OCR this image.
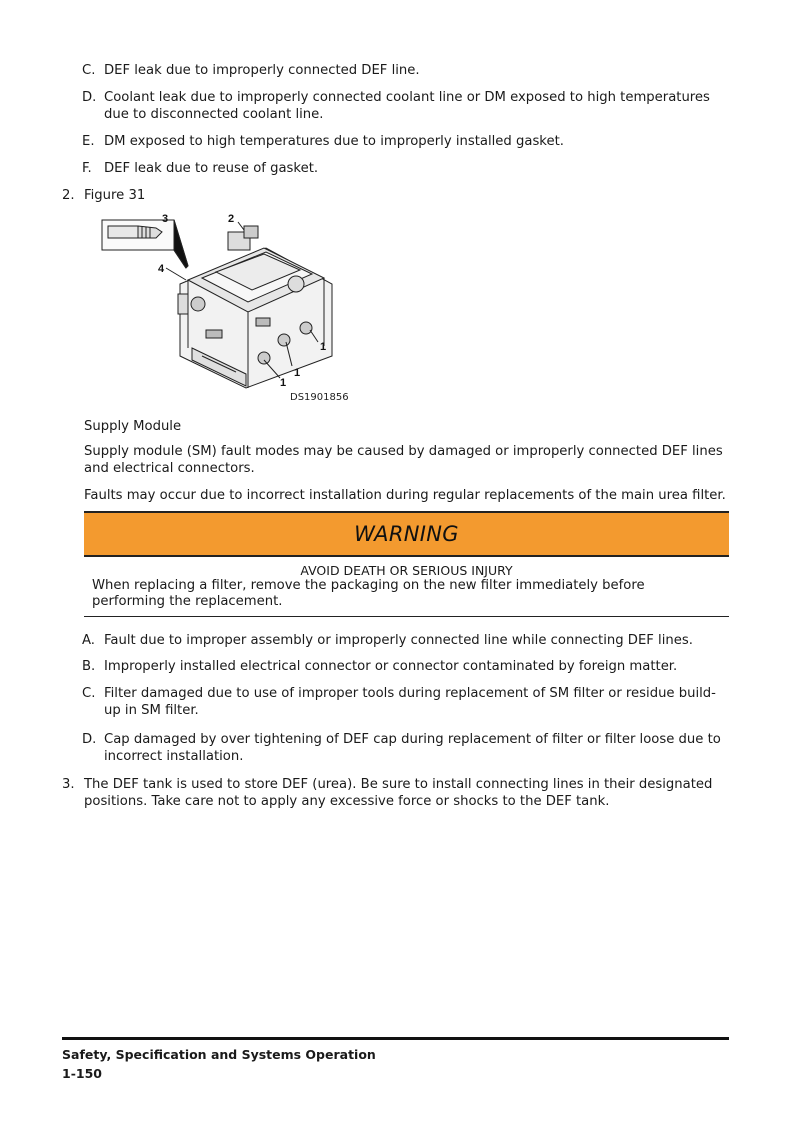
C. DEF leak due to improperly connected DEF line.
D. Coolant leak due to improperly connected coolant line or DM exposed to high temperatures due to disconnected coolant line.
E. DM exposed to high temperatures due to improperly installed gasket.
F. DEF leak due to reuse of gasket.
2. Figure 31
3	2
4
1
1
1
DS1901856
Supply Module
Supply module (SM) fault modes may be caused by damaged or improperly connected DEF lines and electrical connectors.
Faults may occur due to incorrect installation during regular replacements of the main urea filter.
WARNING
AVOID DEATH OR SERIOUS INJURY
When replacing a filter, remove the packaging on the new filter immediately before performing the replacement.
A. Fault due to improper assembly or improperly connected line while connecting DEF lines.
B. Improperly installed electrical connector or connector contaminated by foreign matter.
C. Filter damaged due to use of improper tools during replacement of SM filter or residue build-up in SM filter.
D. Cap damaged by over tightening of DEF cap during replacement of filter or filter loose due to incorrect installation.
3. The DEF tank is used to store DEF (urea). Be sure to install connecting lines in their designated positions. Take care not to apply any excessive force or shocks to the DEF tank.
Safety, Specification and Systems Operation
1-150
